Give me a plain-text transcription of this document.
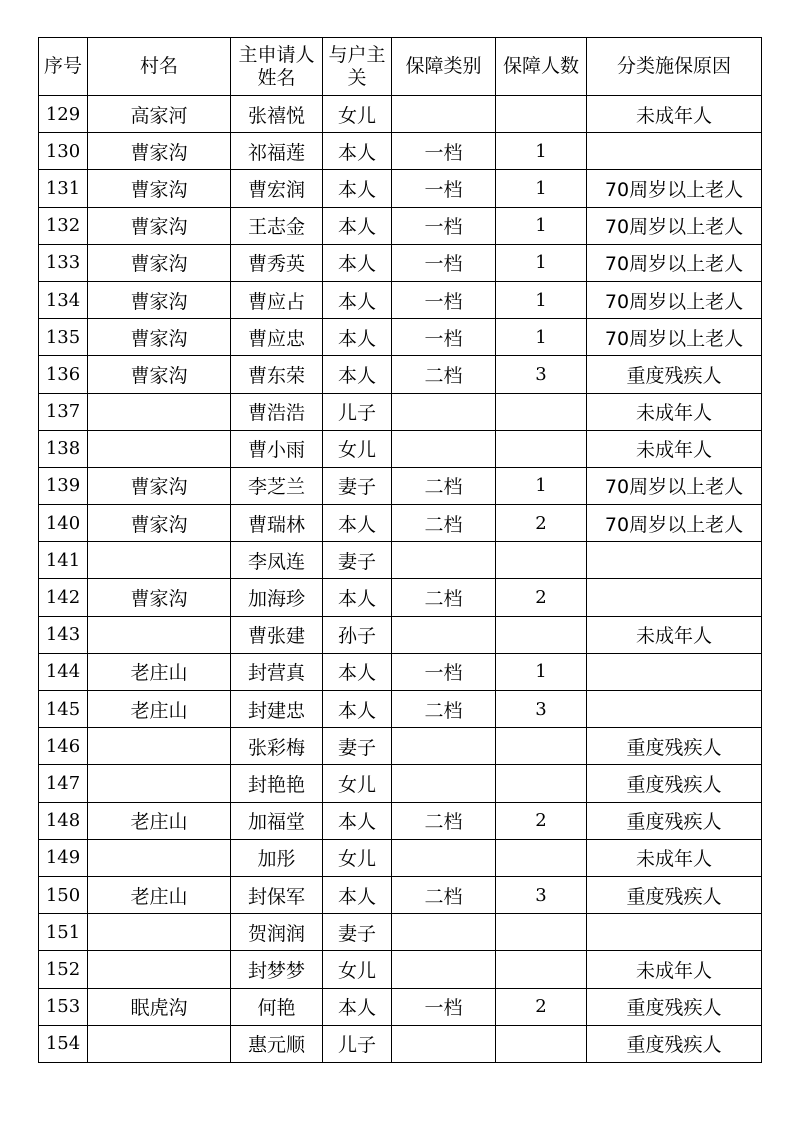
序号	村名	主申请人姓名	与户主关	保障类别	保障人数	分类施保原因
129	高家河	张禧悦	女儿			未成年人
130	曹家沟	祁福莲	本人	一档	1	
131	曹家沟	曹宏润	本人	一档	1	70周岁以上老人
132	曹家沟	王志金	本人	一档	1	70周岁以上老人
133	曹家沟	曹秀英	本人	一档	1	70周岁以上老人
134	曹家沟	曹应占	本人	一档	1	70周岁以上老人
135	曹家沟	曹应忠	本人	一档	1	70周岁以上老人
136	曹家沟	曹东荣	本人	二档	3	重度残疾人
137		曹浩浩	儿子			未成年人
138		曹小雨	女儿			未成年人
139	曹家沟	李芝兰	妻子	二档	1	70周岁以上老人
140	曹家沟	曹瑞林	本人	二档	2	70周岁以上老人
141		李凤连	妻子			
142	曹家沟	加海珍	本人	二档	2	
143		曹张建	孙子			未成年人
144	老庄山	封营真	本人	一档	1	
145	老庄山	封建忠	本人	二档	3	
146		张彩梅	妻子			重度残疾人
147		封艳艳	女儿			重度残疾人
148	老庄山	加福堂	本人	二档	2	重度残疾人
149		加彤	女儿			未成年人
150	老庄山	封保军	本人	二档	3	重度残疾人
151		贺润润	妻子			
152		封梦梦	女儿			未成年人
153	眠虎沟	何艳	本人	一档	2	重度残疾人
154		惠元顺	儿子			重度残疾人
